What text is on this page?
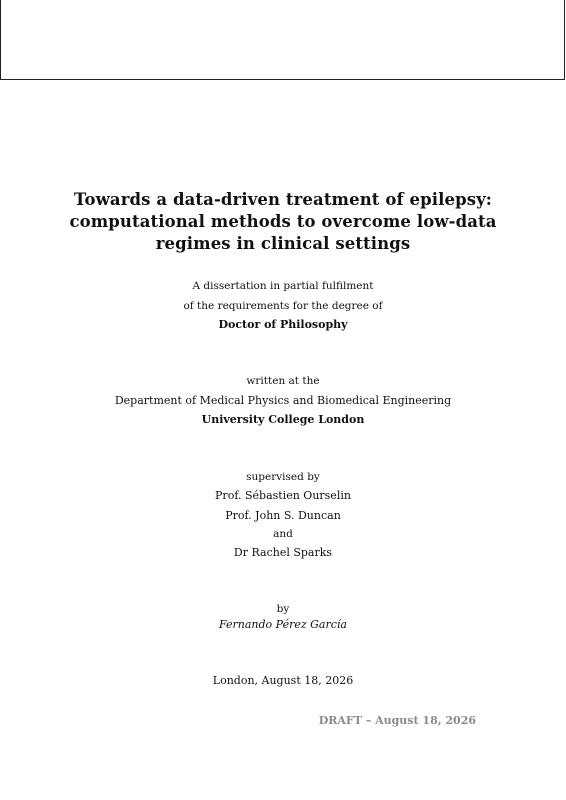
Towards a data-driven treatment of epilepsy:
computational methods to overcome low-data
regimes in clinical settings
A dissertation in partial fulfilment
of the requirements for the degree of
Doctor of Philosophy
written at the
Department of Medical Physics and Biomedical Engineering
University College London
supervised by
Prof. Sébastien Ourselin
Prof. John S. Duncan
and
Dr Rachel Sparks
by
Fernando Pérez García
London, August 18, 2026
DRAFT – August 18, 2026
